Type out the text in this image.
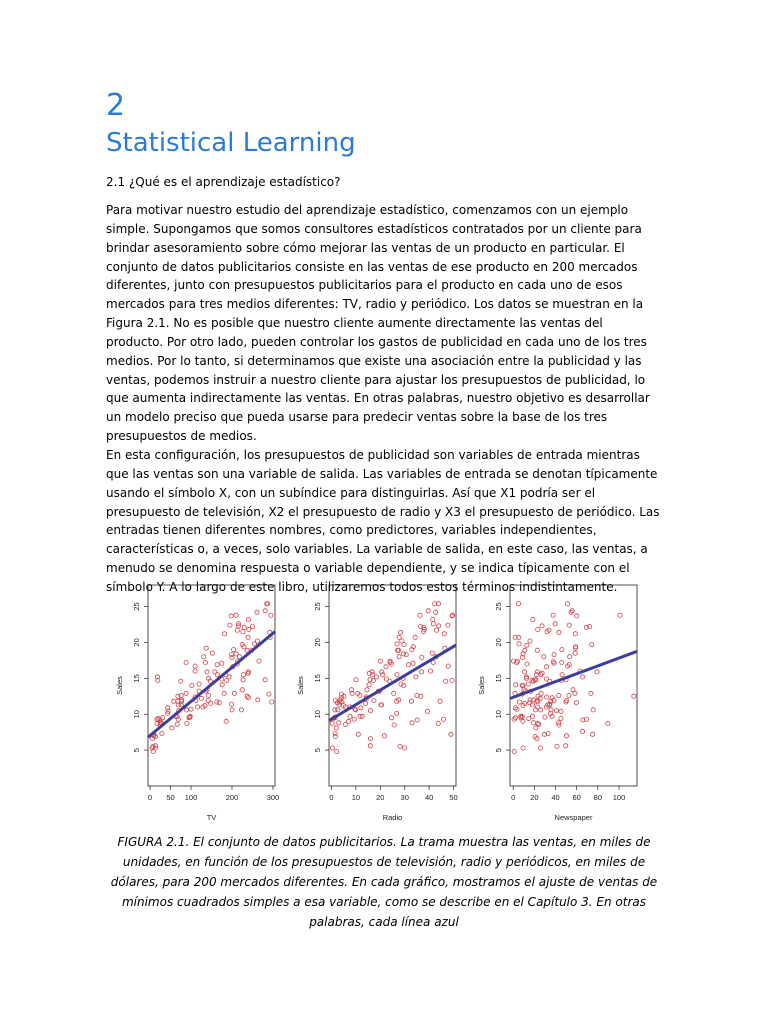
2
Statistical Learning
2.1 ¿Qué es el aprendizaje estadístico?

Para motivar nuestro estudio del aprendizaje estadístico, comenzamos con un ejemplo simple. Supongamos que somos consultores estadísticos contratados por un cliente para brindar asesoramiento sobre cómo mejorar las ventas de un producto en particular. El conjunto de datos publicitarios consiste en las ventas de ese producto en 200 mercados diferentes, junto con presupuestos publicitarios para el producto en cada uno de esos mercados para tres medios diferentes: TV, radio y periódico. Los datos se muestran en la Figura 2.1. No es posible que nuestro cliente aumente directamente las ventas del producto. Por otro lado, pueden controlar los gastos de publicidad en cada uno de los tres medios. Por lo tanto, si determinamos que existe una asociación entre la publicidad y las ventas, podemos instruir a nuestro cliente para ajustar los presupuestos de publicidad, lo que aumenta indirectamente las ventas. En otras palabras, nuestro objetivo es desarrollar un modelo preciso que pueda usarse para predecir ventas sobre la base de los tres presupuestos de medios.

En esta configuración, los presupuestos de publicidad son variables de entrada mientras que las ventas son una variable de salida. Las variables de entrada se denotan típicamente usando el símbolo X, con un subíndice para distinguirlas. Así que X1 podría ser el presupuesto de televisión, X2 el presupuesto de radio y X3 el presupuesto de periódico. Las entradas tienen diferentes nombres, como predictores, variables independientes, características o, a veces, solo variables. La variable de salida, en este caso, las ventas, a menudo se denomina respuesta o variable dependiente, y se indica típicamente con el símbolo Y. A lo largo de este libro, utilizaremos todos estos términos indistintamente.

0 50 100	200	300
5
10
15
20
25
TV
Sales
0 10 20 30 40 50
5
10
15
20
25
Radio
Sales
0 20 40 60 80 100
5
10
15
20
25
Newspaper
Sales

FIGURA 2.1. El conjunto de datos publicitarios. La trama muestra las ventas, en miles de unidades, en función de los presupuestos de televisión, radio y periódicos, en miles de dólares, para 200 mercados diferentes. En cada gráfico, mostramos el ajuste de ventas de mínimos cuadrados simples a esa variable, como se describe en el Capítulo 3. En otras palabras, cada línea azul
